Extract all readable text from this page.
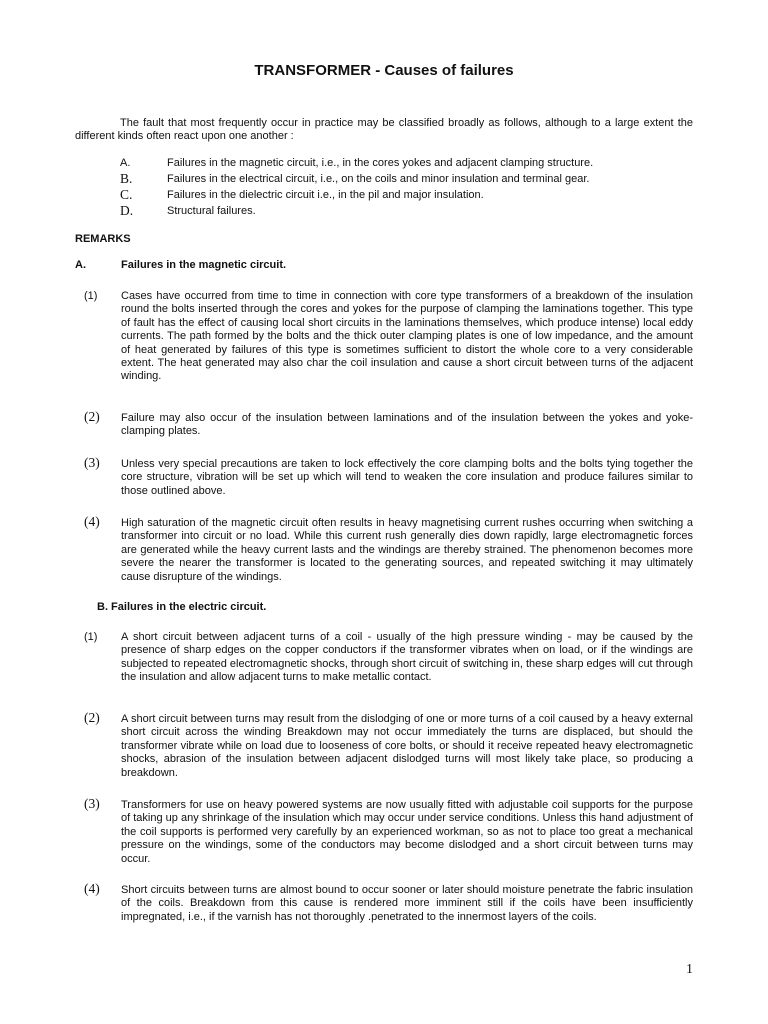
TRANSFORMER - Causes of failures

The fault that most frequently occur in practice may be classified broadly as follows, although to a large extent the different kinds often react upon one another :

A.	Failures in the magnetic circuit, i.e., in the cores yokes and adjacent clamping structure.
B.	Failures in the electrical circuit, i.e., on the coils and minor insulation and terminal gear.
C.	Failures in the dielectric circuit i.e., in the pil and major insulation.
D.	Structural failures.
REMARKS
A.	Failures in the magnetic circuit.
(1) Cases have occurred from time to time in connection with core type transformers of a breakdown of the insulation round the bolts inserted through the cores and yokes for the purpose of clamping the laminations together. This type of fault has the effect of causing local short circuits in the laminations themselves, which produce intense) local eddy currents. The path formed by the bolts and the thick outer clamping plates is one of low impedance, and the amount of heat generated by failures of this type is sometimes sufficient to distort the whole core to a very considerable extent. The heat generated may also char the coil insulation and cause a short circuit between turns of the adjacent winding.

(2) Failure may also occur of the insulation between laminations and of the insulation between the yokes and yoke-clamping plates.

(3) Unless very special precautions are taken to lock effectively the core clamping bolts and the bolts tying together the core structure, vibration will be set up which will tend to weaken the core insulation and produce failures similar to those outlined above.

(4) High saturation of the magnetic circuit often results in heavy magnetising current rushes occurring when switching a transformer into circuit or no load. While this current rush generally dies down rapidly, large electromagnetic forces are generated while the heavy current lasts and the windings are thereby strained. The phenomenon becomes more severe the nearer the transformer is located to the generating sources, and repeated switching it may ultimately cause disrupture of the windings.

B. Failures in the electric circuit.
(1) A short circuit between adjacent turns of a coil - usually of the high pressure winding - may be caused by the presence of sharp edges on the copper conductors if the transformer vibrates when on load, or if the windings are subjected to repeated electromagnetic shocks, through short circuit of switching in, these sharp edges will cut through the insulation and allow adjacent turns to make metallic contact.

(2) A short circuit between turns may result from the dislodging of one or more turns of a coil caused by a heavy external short circuit across the winding Breakdown may not occur immediately the turns are displaced, but should the transformer vibrate while on load due to looseness of core bolts, or should it receive repeated heavy electromagnetic shocks, abrasion of the insulation between adjacent dislodged turns will most likely take place, so producing a breakdown.

(3) Transformers for use on heavy powered systems are now usually fitted with adjustable coil supports for the purpose of taking up any shrinkage of the insulation which may occur under service conditions. Unless this hand adjustment of the coil supports is performed very carefully by an experienced workman, so as not to place too great a mechanical pressure on the windings, some of the conductors may become dislodged and a short circuit between turns may occur.

(4) Short circuits between turns are almost bound to occur sooner or later should moisture penetrate the fabric insulation of the coils. Breakdown from this cause is rendered more imminent still if the coils have been insufficiently impregnated, i.e., if the varnish has not thoroughly .penetrated to the innermost layers of the coils.

1
